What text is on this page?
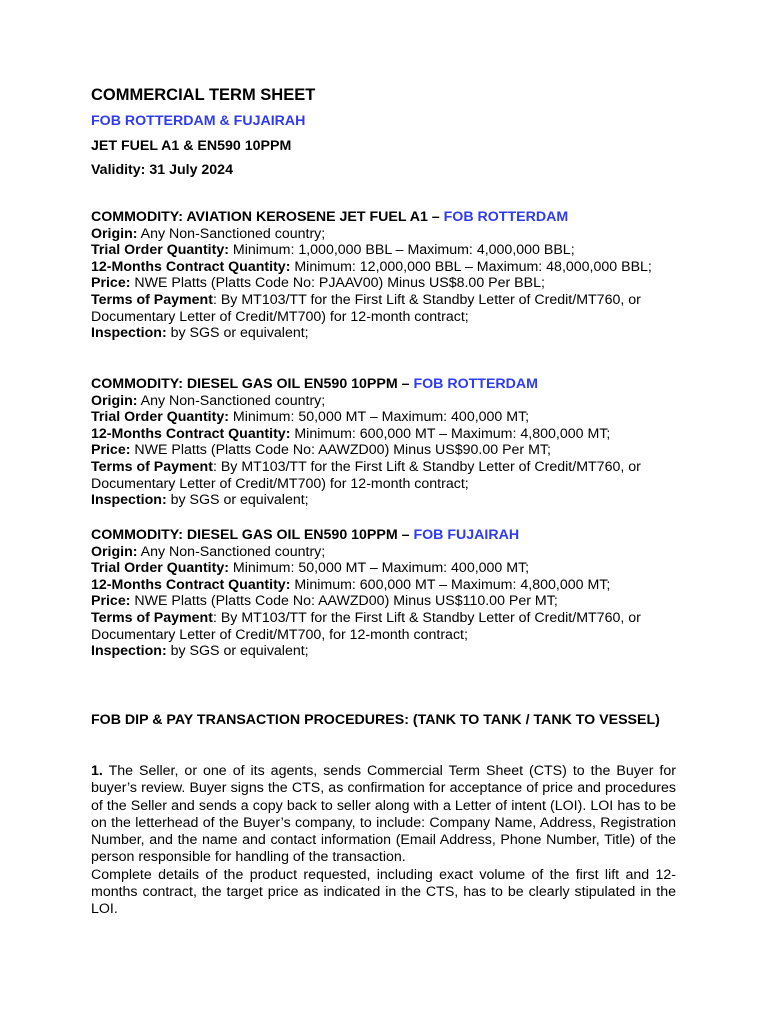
COMMERCIAL TERM SHEET
FOB ROTTERDAM & FUJAIRAH
JET FUEL A1 & EN590 10PPM
Validity: 31 July 2024
COMMODITY: AVIATION KEROSENE JET FUEL A1 – FOB ROTTERDAM
Origin: Any Non-Sanctioned country;
Trial Order Quantity: Minimum: 1,000,000 BBL – Maximum: 4,000,000 BBL;
12-Months Contract Quantity: Minimum: 12,000,000 BBL – Maximum: 48,000,000 BBL;
Price: NWE Platts (Platts Code No: PJAAV00) Minus US$8.00 Per BBL;
Terms of Payment: By MT103/TT for the First Lift & Standby Letter of Credit/MT760, or Documentary Letter of Credit/MT700) for 12-month contract;
Inspection: by SGS or equivalent;
COMMODITY: DIESEL GAS OIL EN590 10PPM – FOB ROTTERDAM
Origin: Any Non-Sanctioned country;
Trial Order Quantity: Minimum: 50,000 MT – Maximum: 400,000 MT;
12-Months Contract Quantity: Minimum: 600,000 MT – Maximum: 4,800,000 MT;
Price: NWE Platts (Platts Code No: AAWZD00) Minus US$90.00 Per MT;
Terms of Payment: By MT103/TT for the First Lift & Standby Letter of Credit/MT760, or Documentary Letter of Credit/MT700) for 12-month contract;
Inspection: by SGS or equivalent;
COMMODITY: DIESEL GAS OIL EN590 10PPM – FOB FUJAIRAH
Origin: Any Non-Sanctioned country;
Trial Order Quantity: Minimum: 50,000 MT – Maximum: 400,000 MT;
12-Months Contract Quantity: Minimum: 600,000 MT – Maximum: 4,800,000 MT;
Price: NWE Platts (Platts Code No: AAWZD00) Minus US$110.00 Per MT;
Terms of Payment: By MT103/TT for the First Lift & Standby Letter of Credit/MT760, or Documentary Letter of Credit/MT700, for 12-month contract;
Inspection: by SGS or equivalent;
FOB DIP & PAY TRANSACTION PROCEDURES: (TANK TO TANK / TANK TO VESSEL)

1. The Seller, or one of its agents, sends Commercial Term Sheet (CTS) to the Buyer for buyer’s review. Buyer signs the CTS, as confirmation for acceptance of price and procedures of the Seller and sends a copy back to seller along with a Letter of intent (LOI). LOI has to be on the letterhead of the Buyer’s company, to include: Company Name, Address, Registration Number, and the name and contact information (Email Address, Phone Number, Title) of the person responsible for handling of the transaction.

Complete details of the product requested, including exact volume of the first lift and 12-months contract, the target price as indicated in the CTS, has to be clearly stipulated in the LOI.
